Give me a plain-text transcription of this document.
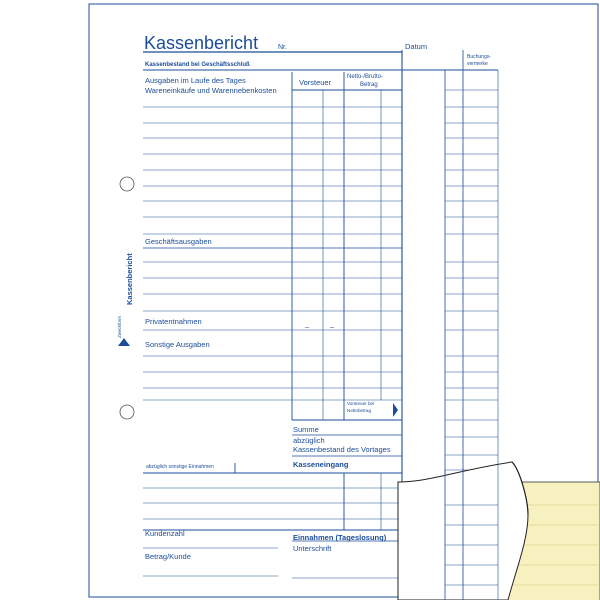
Kassenbericht	Nr.	Datum
Buchungs-
vermerke
Kassenbestand bei Geschäftsschluß
Ausgaben im Laufe des Tages
Wareneinkäufe und Warennebenkosten
Vorsteuer
Netto-/Brutto-
Betrag
Geschäftsausgaben
Privatentnahmen
–	–
Sonstige Ausgaben
Vorsteuer bei
Nettobetrag
Summe
abzüglich
Kassenbestand des Vortages
abzüglich sonstige Einnahmen	Kasseneingang
Kundenzahl	Einnahmen (Tageslosung)
Betrag/Kunde
Unterschrift
Zweckform
Kassenbericht
